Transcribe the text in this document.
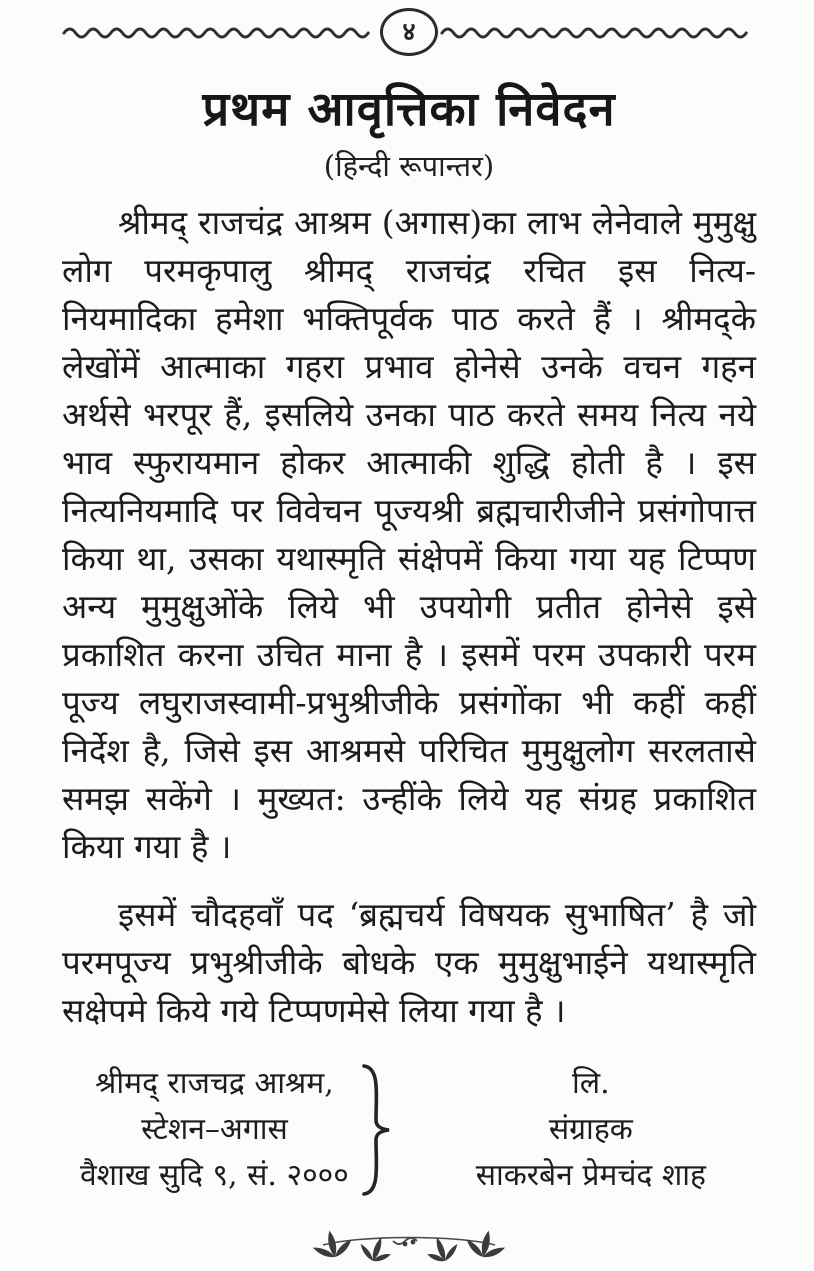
४
प्रथम आवृत्तिका निवेदन
(हिन्दी रूपान्तर)

श्रीमद् राजचंद्र आश्रम (अगास)का लाभ लेनेवाले मुमुक्षु लोग परमकृपालु श्रीमद् राजचंद्र रचित इस नित्य-नियमादिका हमेशा भक्तिपूर्वक पाठ करते हैं । श्रीमद्के लेखोंमें आत्माका गहरा प्रभाव होनेसे उनके वचन गहन अर्थसे भरपूर हैं, इसलिये उनका पाठ करते समय नित्य नये भाव स्फुरायमान होकर आत्माकी शुद्धि होती है । इस नित्यनियमादि पर विवेचन पूज्यश्री ब्रह्मचारीजीने प्रसंगोपात्त किया था, उसका यथास्मृति संक्षेपमें किया गया यह टिप्पण अन्य मुमुक्षुओंके लिये भी उपयोगी प्रतीत होनेसे इसे प्रकाशित करना उचित माना है । इसमें परम उपकारी परम पूज्य लघुराजस्वामी-प्रभुश्रीजीके प्रसंगोंका भी कहीं कहीं निर्देश है, जिसे इस आश्रमसे परिचित मुमुक्षुलोग सरलतासे समझ सकेंगे । मुख्यत: उन्हींके लिये यह संग्रह प्रकाशित किया गया है ।

इसमें चौदहवाँ पद ‘ब्रह्मचर्य विषयक सुभाषित’ है जो परमपूज्य प्रभुश्रीजीके बोधके एक मुमुक्षुभाईने यथास्मृति सक्षेपमे किये गये टिप्पणमेसे लिया गया है ।

श्रीमद् राजचद्र आश्रम,
स्टेशन–अगास
वैशाख सुदि ९, सं. २०००
लि.
संग्राहक
साकरबेन प्रेमचंद शाह
